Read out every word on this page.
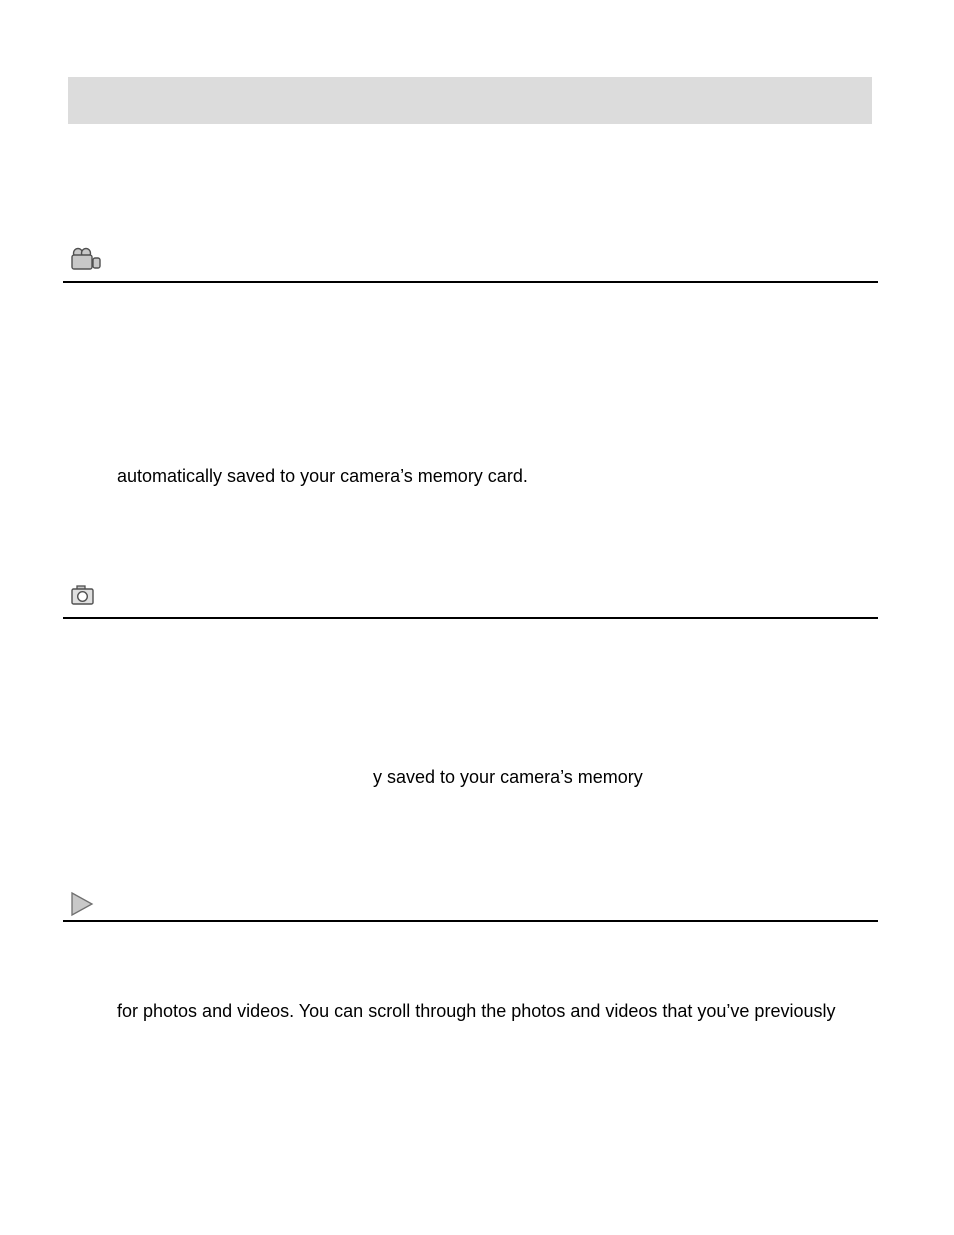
automatically saved to your camera’s memory card.
y saved to your camera’s memory
for photos and videos. You can scroll through the photos and videos that you’ve previously
